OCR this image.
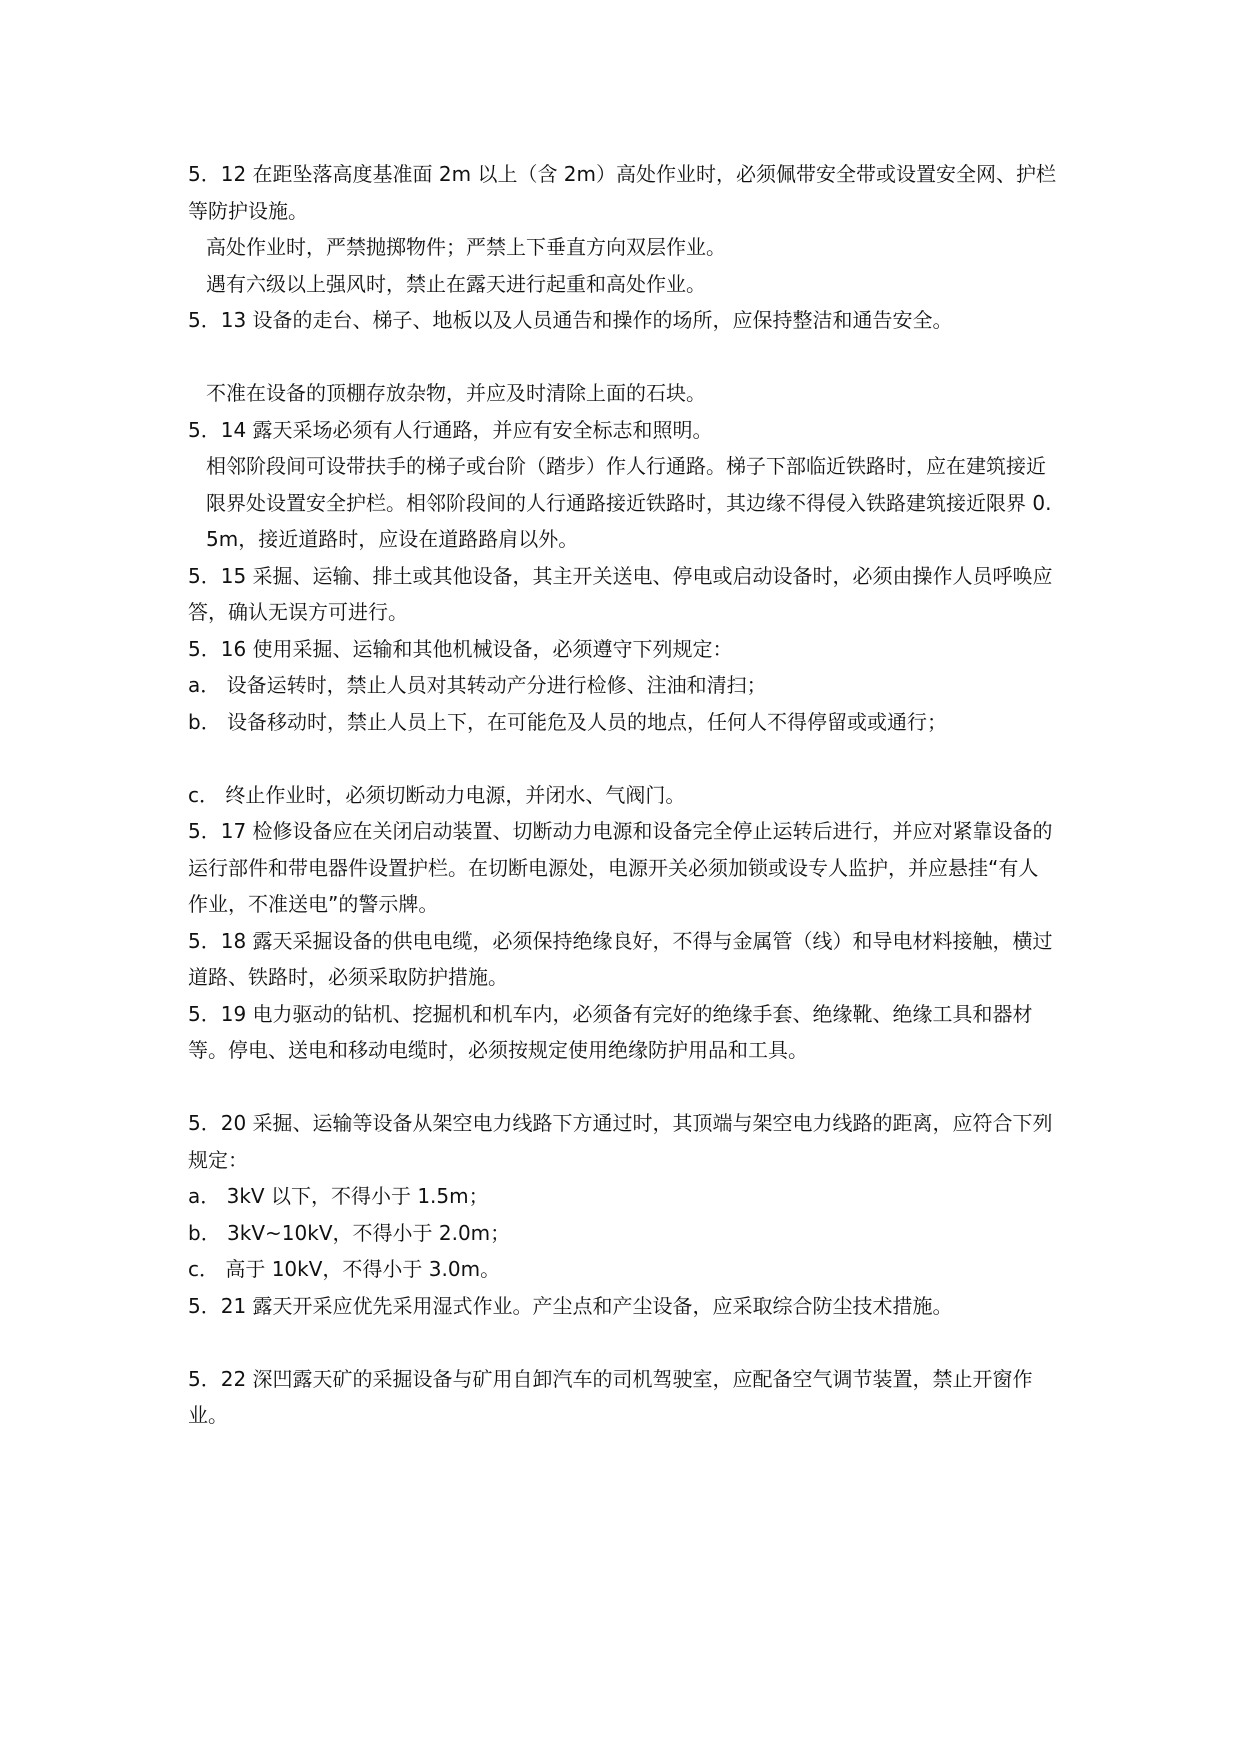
5．12 在距坠落高度基准面 2m 以上（含 2m）高处作业时，必须佩带安全带或设置安全网、护栏等防护设施。

高处作业时，严禁抛掷物件；严禁上下垂直方向双层作业。

遇有六级以上强风时，禁止在露天进行起重和高处作业。

5．13 设备的走台、梯子、地板以及人员通告和操作的场所，应保持整洁和通告安全。

不准在设备的顶棚存放杂物，并应及时清除上面的石块。

5．14 露天采场必须有人行通路，并应有安全标志和照明。

相邻阶段间可设带扶手的梯子或台阶（踏步）作人行通路。梯子下部临近铁路时，应在建筑接近限界处设置安全护栏。相邻阶段间的人行通路接近铁路时，其边缘不得侵入铁路建筑接近限界 0.5m，接近道路时，应设在道路路肩以外。

5．15 采掘、运输、排土或其他设备，其主开关送电、停电或启动设备时，必须由操作人员呼唤应答，确认无误方可进行。

5．16 使用采掘、运输和其他机械设备，必须遵守下列规定：

a． 设备运转时，禁止人员对其转动产分进行检修、注油和清扫；

b． 设备移动时，禁止人员上下，在可能危及人员的地点，任何人不得停留或或通行；

c． 终止作业时，必须切断动力电源，并闭水、气阀门。

5．17 检修设备应在关闭启动装置、切断动力电源和设备完全停止运转后进行，并应对紧靠设备的运行部件和带电器件设置护栏。在切断电源处，电源开关必须加锁或设专人监护，并应悬挂“有人作业，不准送电”的警示牌。

5．18 露天采掘设备的供电电缆，必须保持绝缘良好，不得与金属管（线）和导电材料接触，横过道路、铁路时，必须采取防护措施。

5．19 电力驱动的钻机、挖掘机和机车内，必须备有完好的绝缘手套、绝缘靴、绝缘工具和器材等。停电、送电和移动电缆时，必须按规定使用绝缘防护用品和工具。

5．20 采掘、运输等设备从架空电力线路下方通过时，其顶端与架空电力线路的距离，应符合下列规定：

a． 3kV 以下，不得小于 1.5m；

b． 3kV~10kV，不得小于 2.0m；

c． 高于 10kV，不得小于 3.0m。

5．21 露天开采应优先采用湿式作业。产尘点和产尘设备，应采取综合防尘技术措施。

5．22 深凹露天矿的采掘设备与矿用自卸汽车的司机驾驶室，应配备空气调节装置，禁止开窗作业。
